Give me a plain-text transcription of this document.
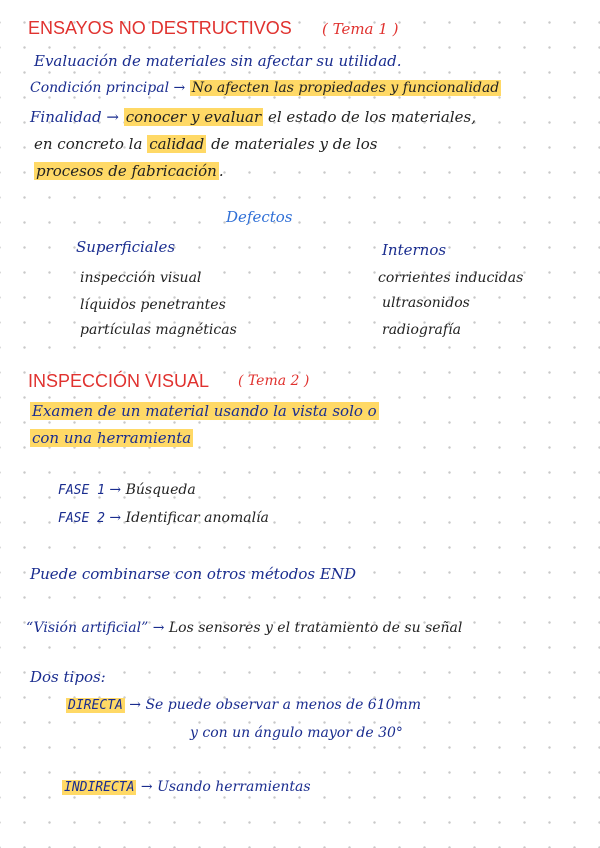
ENSAYOS NO DESTRUCTIVOS ( Tema 1 )
Evaluación de materiales sin afectar su utilidad.
Condición principal → No afecten las propiedades y funcionalidad
Finalidad → conocer y evaluar el estado de los materiales,
en concreto la calidad de materiales y de los
procesos de fabricación .
Defectos
Superficiales	Internos
inspección visual
líquidos penetrantes
partículas magnéticas
corrientes inducidas
ultrasonidos
radiografía
INSPECCIÓN VISUAL ( Tema 2 )
Examen de un material usando la vista solo o
con una herramienta
FASE 1 → Búsqueda
FASE 2 → Identificar anomalía
Puede combinarse con otros métodos END
“Visión artificial” → Los sensores y el tratamiento de su señal
Dos tipos:
DIRECTA → Se puede observar a menos de 610mm
y con un ángulo mayor de 30°
INDIRECTA → Usando herramientas
